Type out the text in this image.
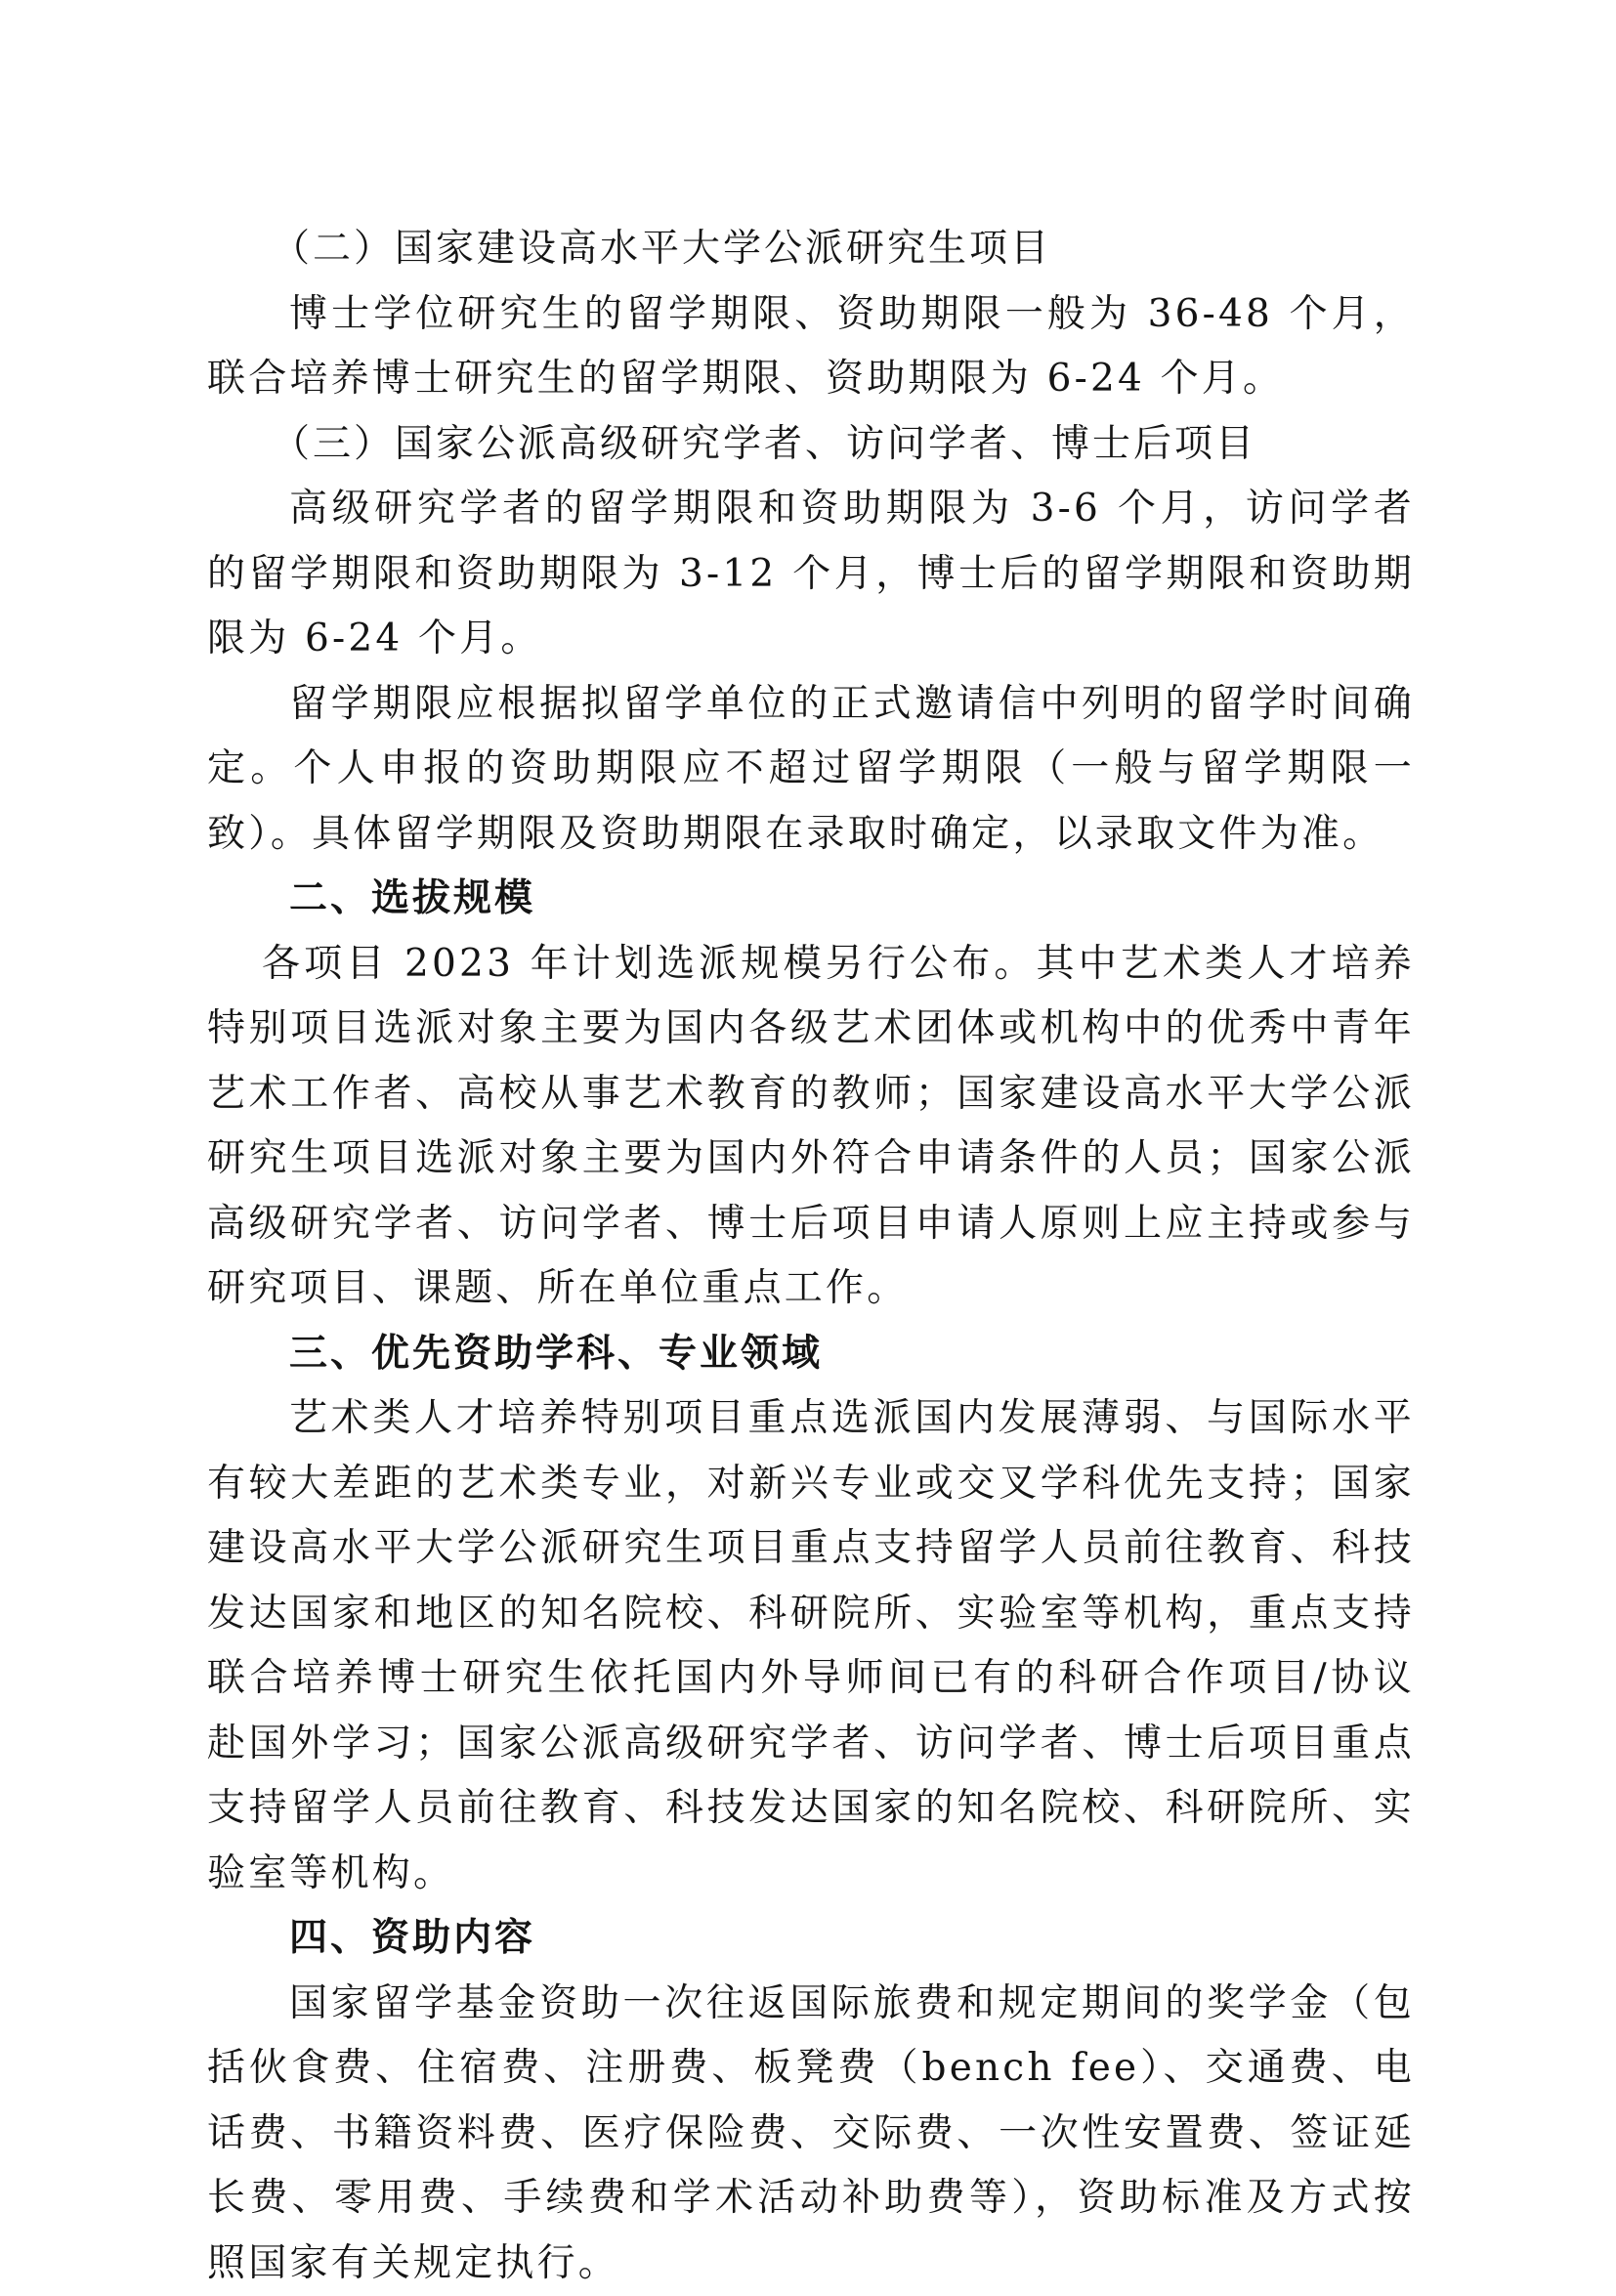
（二）国家建设高水平大学公派研究生项目

博士学位研究生的留学期限、资助期限一般为 36-48 个月，联合培养博士研究生的留学期限、资助期限为 6-24 个月。

（三）国家公派高级研究学者、访问学者、博士后项目

高级研究学者的留学期限和资助期限为 3-6 个月，访问学者的留学期限和资助期限为 3-12 个月，博士后的留学期限和资助期限为 6-24 个月。

留学期限应根据拟留学单位的正式邀请信中列明的留学时间确定。个人申报的资助期限应不超过留学期限（一般与留学期限一致）。具体留学期限及资助期限在录取时确定，以录取文件为准。

二、选拔规模

各项目 2023 年计划选派规模另行公布。其中艺术类人才培养特别项目选派对象主要为国内各级艺术团体或机构中的优秀中青年艺术工作者、高校从事艺术教育的教师；国家建设高水平大学公派研究生项目选派对象主要为国内外符合申请条件的人员；国家公派高级研究学者、访问学者、博士后项目申请人原则上应主持或参与研究项目、课题、所在单位重点工作。

三、优先资助学科、专业领域

艺术类人才培养特别项目重点选派国内发展薄弱、与国际水平有较大差距的艺术类专业，对新兴专业或交叉学科优先支持；国家建设高水平大学公派研究生项目重点支持留学人员前往教育、科技发达国家和地区的知名院校、科研院所、实验室等机构，重点支持联合培养博士研究生依托国内外导师间已有的科研合作项目/协议赴国外学习；国家公派高级研究学者、访问学者、博士后项目重点支持留学人员前往教育、科技发达国家的知名院校、科研院所、实验室等机构。

四、资助内容

国家留学基金资助一次往返国际旅费和规定期间的奖学金（包括伙食费、住宿费、注册费、板凳费（bench fee）、交通费、电话费、书籍资料费、医疗保险费、交际费、一次性安置费、签证延长费、零用费、手续费和学术活动补助费等），资助标准及方式按照国家有关规定执行。
